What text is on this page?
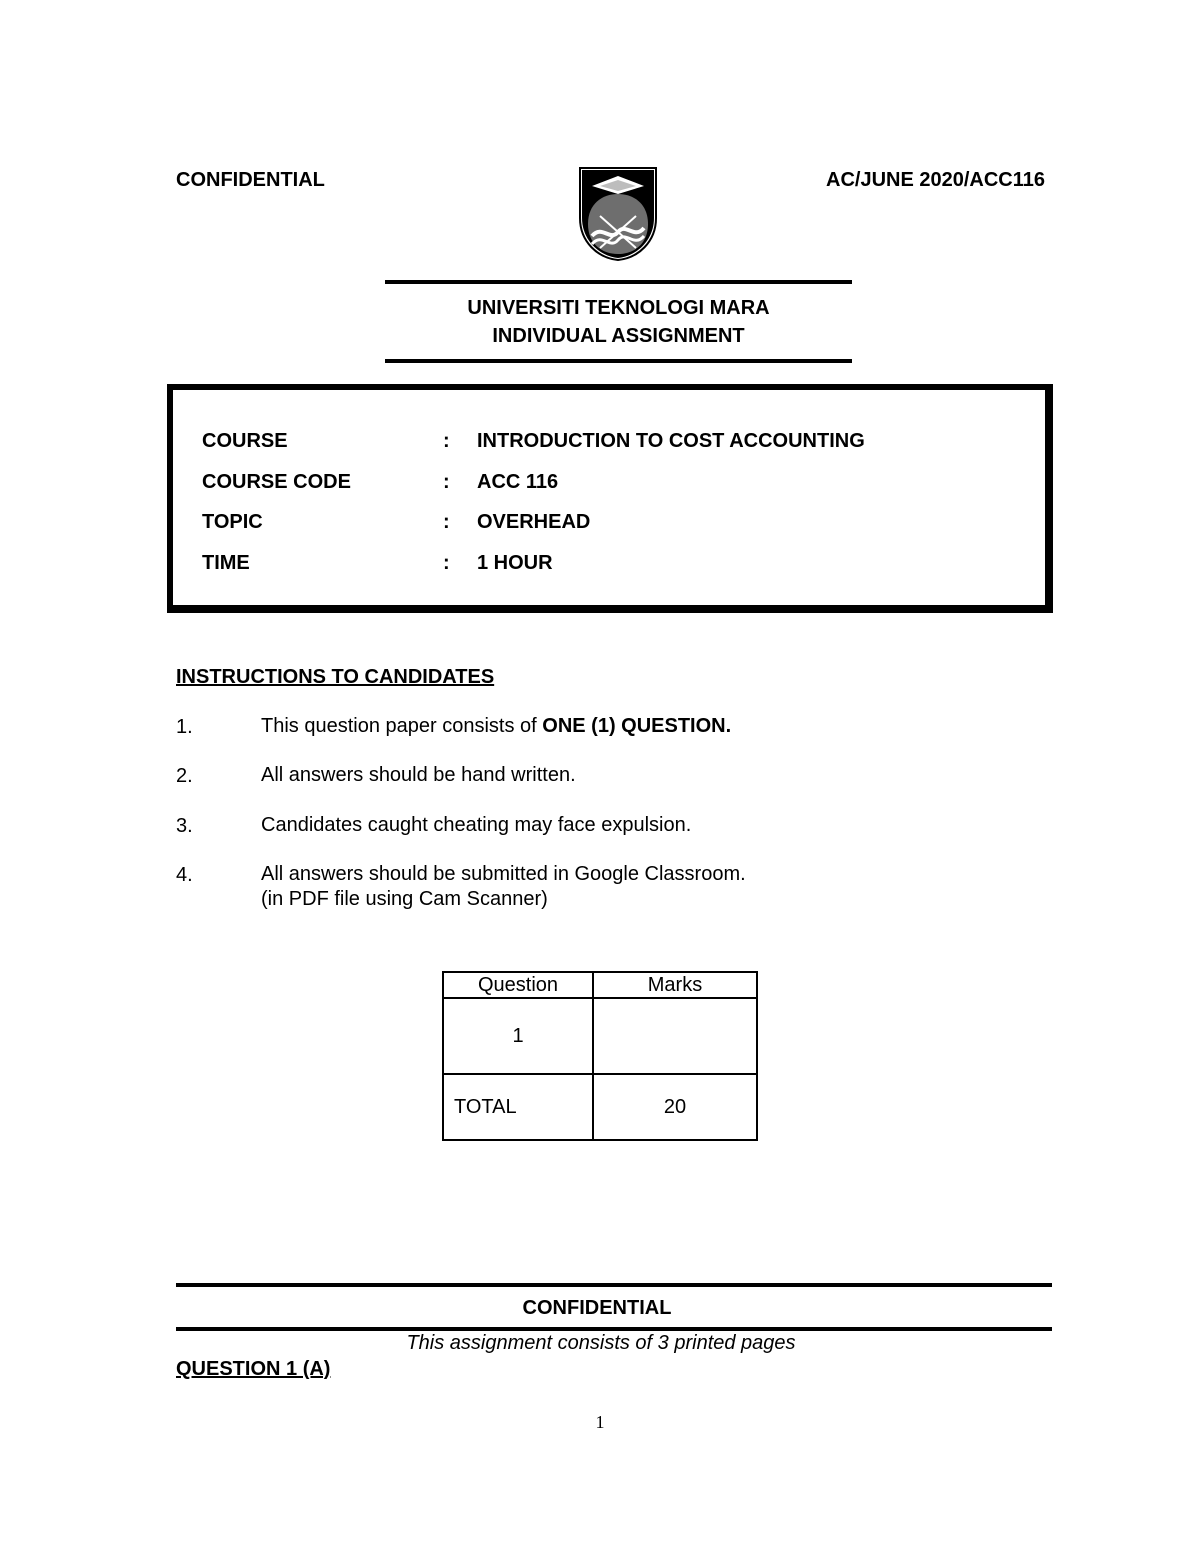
CONFIDENTIAL	AC/JUNE 2020/ACC116
UNIVERSITI TEKNOLOGI MARA
INDIVIDUAL ASSIGNMENT
COURSE	: INTRODUCTION TO COST ACCOUNTING
COURSE CODE	: ACC 116
TOPIC	: OVERHEAD
TIME	: 1 HOUR
INSTRUCTIONS TO CANDIDATES
1.	This question paper consists of ONE (1) QUESTION.
2.	All answers should be hand written.
3.	Candidates caught cheating may face expulsion.
4.	All answers should be submitted in Google Classroom.
(in PDF file using Cam Scanner)
Question	Marks
1	
TOTAL	20
CONFIDENTIAL
This assignment consists of 3 printed pages
QUESTION 1 (A)
1
